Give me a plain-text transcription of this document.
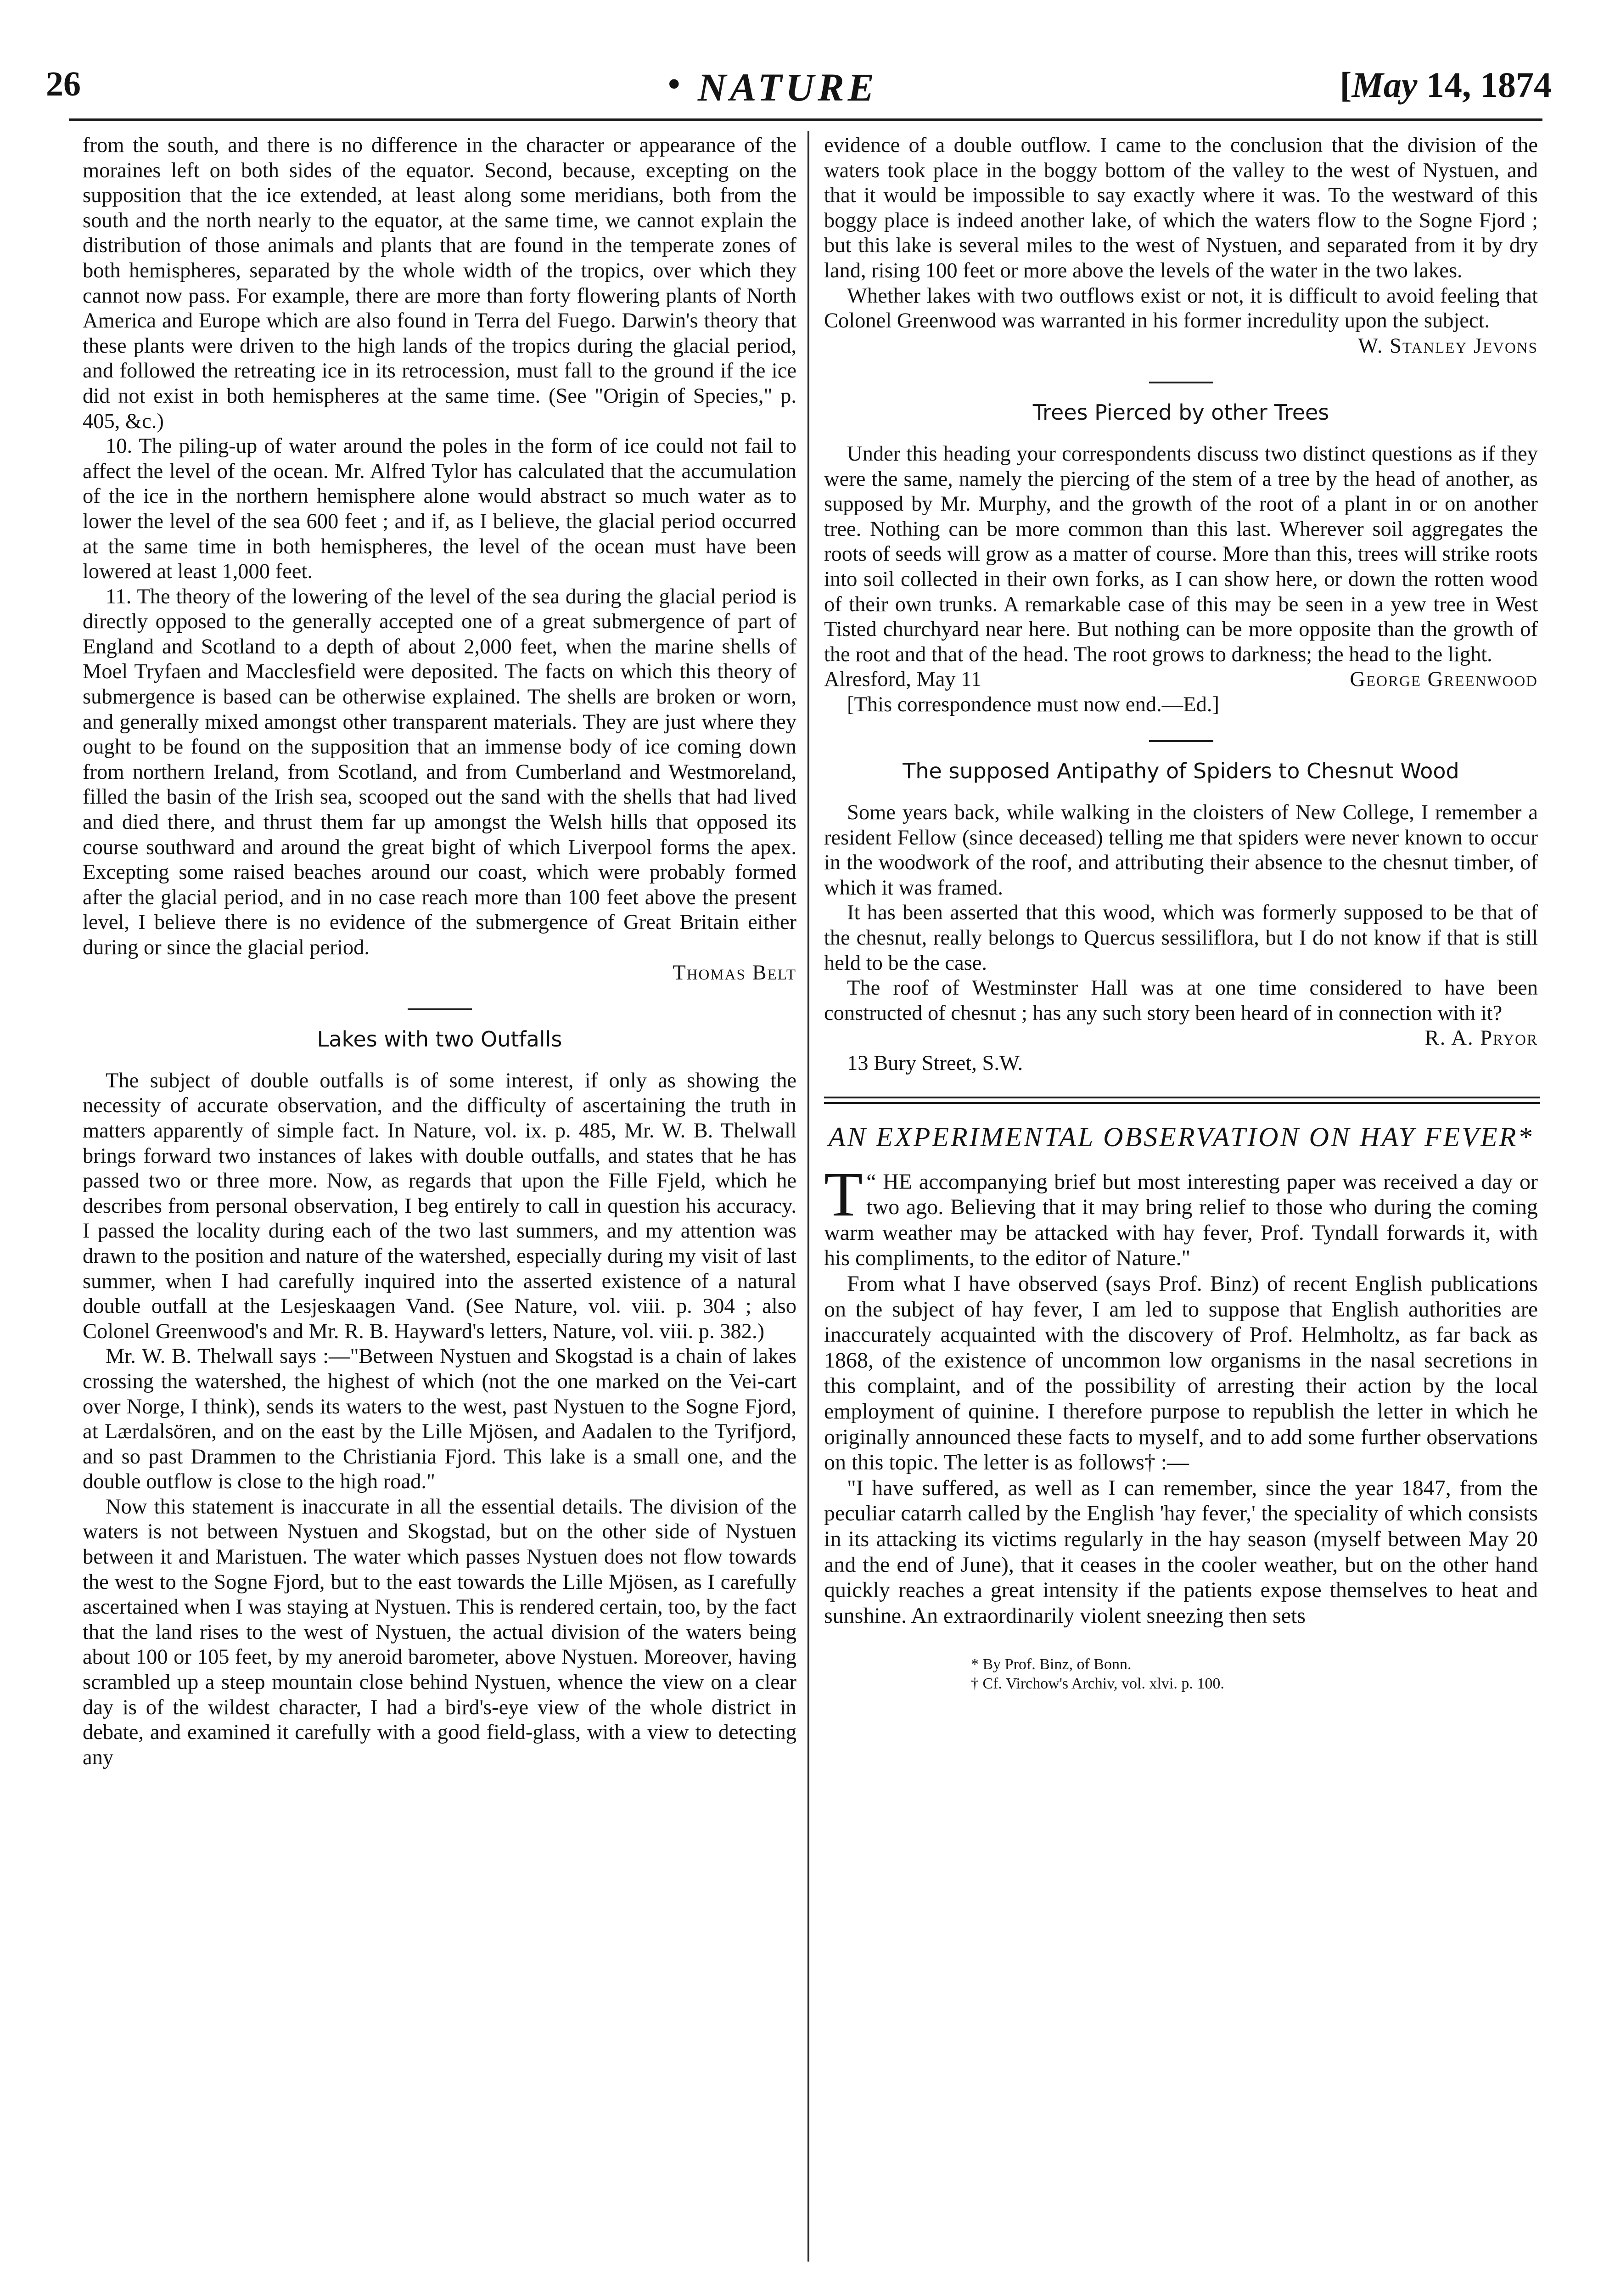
26	• NATURE	[May 14, 1874

from the south, and there is no difference in the character or appearance of the moraines left on both sides of the equator. Second, because, excepting on the supposition that the ice extended, at least along some meridians, both from the south and the north nearly to the equator, at the same time, we cannot explain the distribution of those animals and plants that are found in the temperate zones of both hemispheres, separated by the whole width of the tropics, over which they cannot now pass. For example, there are more than forty flowering plants of North America and Europe which are also found in Terra del Fuego. Darwin's theory that these plants were driven to the high lands of the tropics during the glacial period, and followed the retreating ice in its retrocession, must fall to the ground if the ice did not exist in both hemispheres at the same time. (See "Origin of Species," p. 405, &c.)

10. The piling-up of water around the poles in the form of ice could not fail to affect the level of the ocean. Mr. Alfred Tylor has calculated that the accumulation of the ice in the northern hemisphere alone would abstract so much water as to lower the level of the sea 600 feet ; and if, as I believe, the glacial period occurred at the same time in both hemispheres, the level of the ocean must have been lowered at least 1,000 feet.

11. The theory of the lowering of the level of the sea during the glacial period is directly opposed to the generally accepted one of a great submergence of part of England and Scotland to a depth of about 2,000 feet, when the marine shells of Moel Tryfaen and Macclesfield were deposited. The facts on which this theory of submergence is based can be otherwise explained. The shells are broken or worn, and generally mixed amongst other transparent materials. They are just where they ought to be found on the supposition that an immense body of ice coming down from northern Ireland, from Scotland, and from Cumberland and Westmoreland, filled the basin of the Irish sea, scooped out the sand with the shells that had lived and died there, and thrust them far up amongst the Welsh hills that opposed its course southward and around the great bight of which Liverpool forms the apex. Excepting some raised beaches around our coast, which were probably formed after the glacial period, and in no case reach more than 100 feet above the present level, I believe there is no evidence of the submergence of Great Britain either during or since the glacial period.

Thomas Belt
Lakes with two Outfalls

The subject of double outfalls is of some interest, if only as showing the necessity of accurate observation, and the difficulty of ascertaining the truth in matters apparently of simple fact. In Nature, vol. ix. p. 485, Mr. W. B. Thelwall brings forward two instances of lakes with double outfalls, and states that he has passed two or three more. Now, as regards that upon the Fille Fjeld, which he describes from personal observation, I beg entirely to call in question his accuracy. I passed the locality during each of the two last summers, and my attention was drawn to the position and nature of the watershed, especially during my visit of last summer, when I had carefully inquired into the asserted existence of a natural double outfall at the Lesjeskaagen Vand. (See Nature, vol. viii. p. 304 ; also Colonel Greenwood's and Mr. R. B. Hayward's letters, Nature, vol. viii. p. 382.)

Mr. W. B. Thelwall says :—"Between Nystuen and Skogstad is a chain of lakes crossing the watershed, the highest of which (not the one marked on the Vei-cart over Norge, I think), sends its waters to the west, past Nystuen to the Sogne Fjord, at Lærdalsören, and on the east by the Lille Mjösen, and Aadalen to the Tyrifjord, and so past Drammen to the Christiania Fjord. This lake is a small one, and the double outflow is close to the high road."

Now this statement is inaccurate in all the essential details. The division of the waters is not between Nystuen and Skogstad, but on the other side of Nystuen between it and Maristuen. The water which passes Nystuen does not flow towards the west to the Sogne Fjord, but to the east towards the Lille Mjösen, as I carefully ascertained when I was staying at Nystuen. This is rendered certain, too, by the fact that the land rises to the west of Nystuen, the actual division of the waters being about 100 or 105 feet, by my aneroid barometer, above Nystuen. Moreover, having scrambled up a steep mountain close behind Nystuen, whence the view on a clear day is of the wildest character, I had a bird's-eye view of the whole district in debate, and examined it carefully with a good field-glass, with a view to detecting any

evidence of a double outflow. I came to the conclusion that the division of the waters took place in the boggy bottom of the valley to the west of Nystuen, and that it would be impossible to say exactly where it was. To the westward of this boggy place is indeed another lake, of which the waters flow to the Sogne Fjord ; but this lake is several miles to the west of Nystuen, and separated from it by dry land, rising 100 feet or more above the levels of the water in the two lakes.

Whether lakes with two outflows exist or not, it is difficult to avoid feeling that Colonel Greenwood was warranted in his former incredulity upon the subject.

W. Stanley Jevons
Trees Pierced by other Trees

Under this heading your correspondents discuss two distinct questions as if they were the same, namely the piercing of the stem of a tree by the head of another, as supposed by Mr. Murphy, and the growth of the root of a plant in or on another tree. Nothing can be more common than this last. Wherever soil aggregates the roots of seeds will grow as a matter of course. More than this, trees will strike roots into soil collected in their own forks, as I can show here, or down the rotten wood of their own trunks. A remarkable case of this may be seen in a yew tree in West Tisted churchyard near here. But nothing can be more opposite than the growth of the root and that of the head. The root grows to darkness; the head to the light.

Alresford, May 11	George Greenwood

[This correspondence must now end.—Ed.]

The supposed Antipathy of Spiders to Chesnut Wood

Some years back, while walking in the cloisters of New College, I remember a resident Fellow (since deceased) telling me that spiders were never known to occur in the woodwork of the roof, and attributing their absence to the chesnut timber, of which it was framed.

It has been asserted that this wood, which was formerly supposed to be that of the chesnut, really belongs to Quercus sessiliflora, but I do not know if that is still held to be the case.

The roof of Westminster Hall was at one time considered to have been constructed of chesnut ; has any such story been heard of in connection with it?

R. A. Pryor

13 Bury Street, S.W.

AN EXPERIMENTAL OBSERVATION ON HAY FEVER*

“
T HE accompanying brief but most interesting paper was received a day or two ago. Believing that it may bring relief to those who during the coming warm weather may be attacked with hay fever, Prof. Tyndall forwards it, with his compliments, to the editor of Nature."

From what I have observed (says Prof. Binz) of recent English publications on the subject of hay fever, I am led to suppose that English authorities are inaccurately acquainted with the discovery of Prof. Helmholtz, as far back as 1868, of the existence of uncommon low organisms in the nasal secretions in this complaint, and of the possibility of arresting their action by the local employment of quinine. I therefore purpose to republish the letter in which he originally announced these facts to myself, and to add some further observations on this topic. The letter is as follows† :—

"I have suffered, as well as I can remember, since the year 1847, from the peculiar catarrh called by the English 'hay fever,' the speciality of which consists in its attacking its victims regularly in the hay season (myself between May 20 and the end of June), that it ceases in the cooler weather, but on the other hand quickly reaches a great intensity if the patients expose themselves to heat and sunshine. An extraordinarily violent sneezing then sets

* By Prof. Binz, of Bonn.
† Cf. Virchow's Archiv, vol. xlvi. p. 100.
